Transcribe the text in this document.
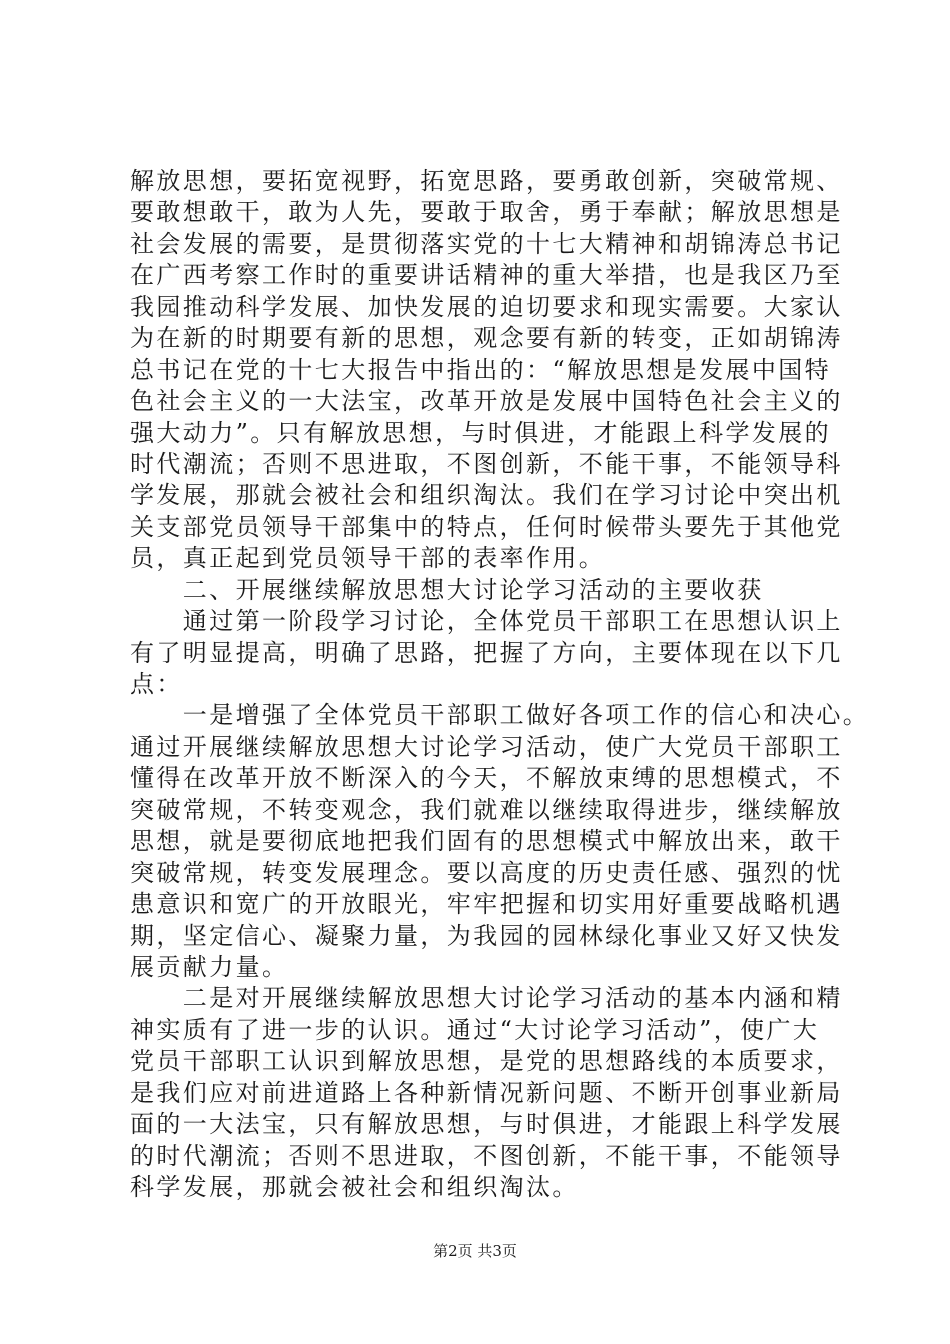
解放思想，要拓宽视野，拓宽思路，要勇敢创新，突破常规、
要敢想敢干，敢为人先，要敢于取舍，勇于奉献；解放思想是
社会发展的需要，是贯彻落实党的十七大精神和胡锦涛总书记
在广西考察工作时的重要讲话精神的重大举措，也是我区乃至
我园推动科学发展、加快发展的迫切要求和现实需要。大家认
为在新的时期要有新的思想，观念要有新的转变，正如胡锦涛
总书记在党的十七大报告中指出的：“解放思想是发展中国特
色社会主义的一大法宝，改革开放是发展中国特色社会主义的
强大动力”。只有解放思想，与时俱进，才能跟上科学发展的
时代潮流；否则不思进取，不图创新，不能干事，不能领导科
学发展，那就会被社会和组织淘汰。我们在学习讨论中突出机
关支部党员领导干部集中的特点，任何时候带头要先于其他党
员，真正起到党员领导干部的表率作用。
　　二、开展继续解放思想大讨论学习活动的主要收获
　　通过第一阶段学习讨论，全体党员干部职工在思想认识上
有了明显提高，明确了思路，把握了方向，主要体现在以下几
点：
　　一是增强了全体党员干部职工做好各项工作的信心和决心。
通过开展继续解放思想大讨论学习活动，使广大党员干部职工
懂得在改革开放不断深入的今天，不解放束缚的思想模式，不
突破常规，不转变观念，我们就难以继续取得进步，继续解放
思想，就是要彻底地把我们固有的思想模式中解放出来，敢干
突破常规，转变发展理念。要以高度的历史责任感、强烈的忧
患意识和宽广的开放眼光，牢牢把握和切实用好重要战略机遇
期，坚定信心、凝聚力量，为我园的园林绿化事业又好又快发
展贡献力量。
　　二是对开展继续解放思想大讨论学习活动的基本内涵和精
神实质有了进一步的认识。通过“大讨论学习活动”，使广大
党员干部职工认识到解放思想，是党的思想路线的本质要求，
是我们应对前进道路上各种新情况新问题、不断开创事业新局
面的一大法宝，只有解放思想，与时俱进，才能跟上科学发展
的时代潮流；否则不思进取，不图创新，不能干事，不能领导
科学发展，那就会被社会和组织淘汰。
第2页 共3页
